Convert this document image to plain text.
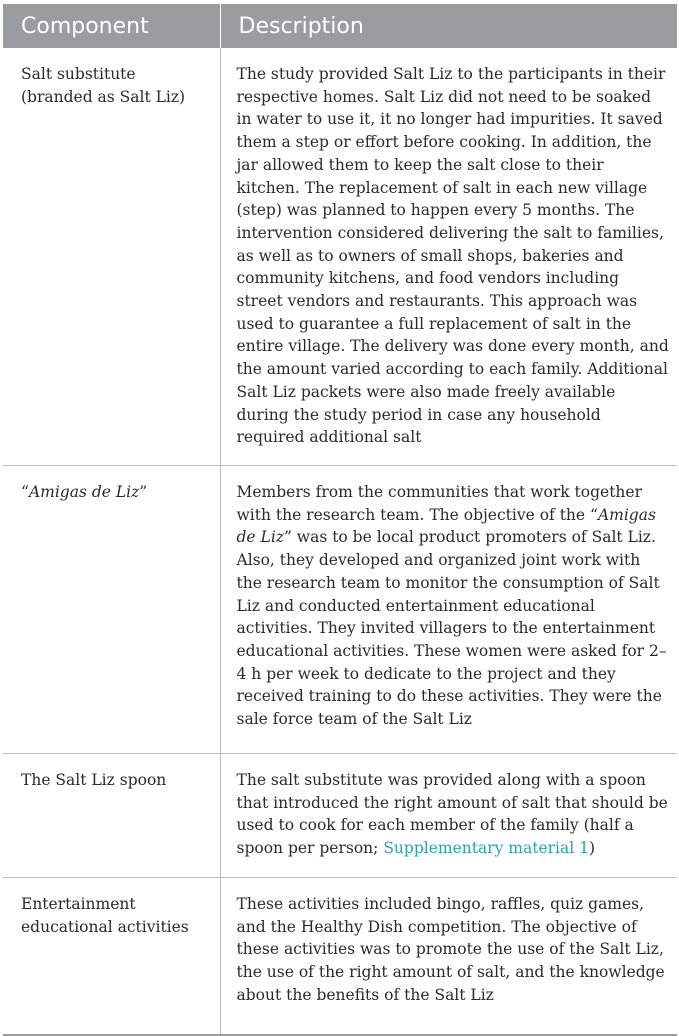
Component	Description
Salt substitute (branded as Salt Liz)	The study provided Salt Liz to the participants in their respective homes. Salt Liz did not need to be soaked in water to use it, it no longer had impurities. It saved them a step or effort before cooking. In addition, the jar allowed them to keep the salt close to their kitchen. The replacement of salt in each new village (step) was planned to happen every 5 months. The intervention considered delivering the salt to families, as well as to owners of small shops, bakeries and community kitchens, and food vendors including street vendors and restaurants. This approach was used to guarantee a full replacement of salt in the entire village. The delivery was done every month, and the amount varied according to each family. Additional Salt Liz packets were also made freely available during the study period in case any household required additional salt
“Amigas de Liz”	Members from the communities that work together with the research team. The objective of the “Amigas de Liz” was to be local product promoters of Salt Liz. Also, they developed and organized joint work with the research team to monitor the consumption of Salt Liz and conducted entertainment educational activities. They invited villagers to the entertainment educational activities. These women were asked for 2–4 h per week to dedicate to the project and they received training to do these activities. They were the sale force team of the Salt Liz
The Salt Liz spoon	The salt substitute was provided along with a spoon that introduced the right amount of salt that should be used to cook for each member of the family (half a spoon per person; Supplementary material 1)
Entertainment educational activities	These activities included bingo, raffles, quiz games, and the Healthy Dish competition. The objective of these activities was to promote the use of the Salt Liz, the use of the right amount of salt, and the knowledge about the benefits of the Salt Liz
